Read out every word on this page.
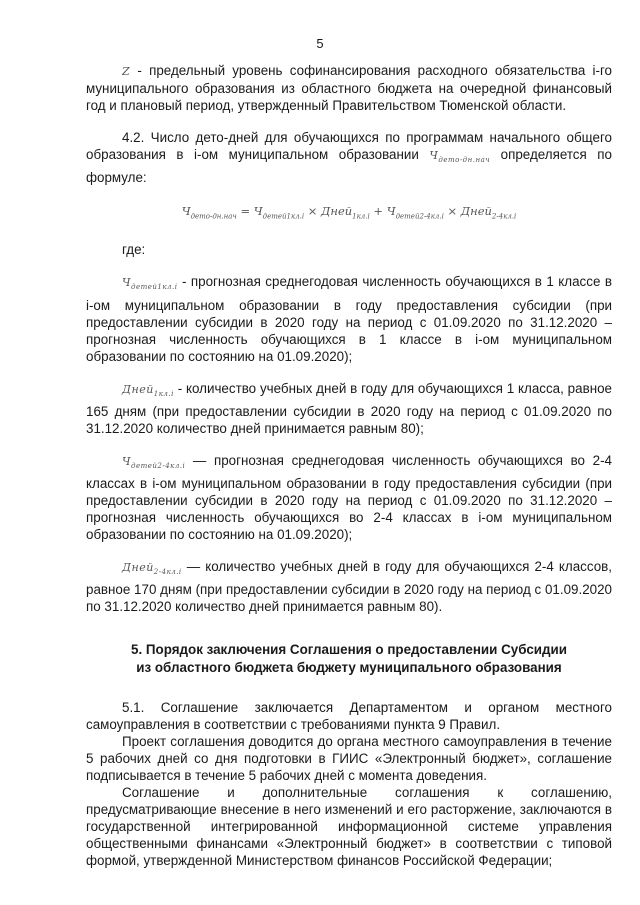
5

Z - предельный уровень софинансирования расходного обязательства i-го муниципального образования из областного бюджета на очередной финансовый год и плановый период, утвержденный Правительством Тюменской области.

4.2. Число дето-дней для обучающихся по программам начального общего образования в i-ом муниципальном образовании $Ч_{дето-дн.нач}$ определяется по формуле:

$Ч_{дето-дн.нач} = Ч_{детей1кл.i}$ × Дней$_{1кл.i}$ + $Ч_{детей2-4кл.i}$ × Дней$_{2-4кл.i}$

где:

$Ч_{детей1кл.i}$ - прогнозная среднегодовая численность обучающихся в 1 классе в i-ом муниципальном образовании в году предоставления субсидии (при предоставлении субсидии в 2020 году на период с 01.09.2020 по 31.12.2020 – прогнозная численность обучающихся в 1 классе в i-ом муниципальном образовании по состоянию на 01.09.2020);

Дней$_{1кл.i}$ - количество учебных дней в году для обучающихся 1 класса, равное 165 дням (при предоставлении субсидии в 2020 году на период с 01.09.2020 по 31.12.2020 количество дней принимается равным 80);

$Ч_{детей2-4кл.i}$ — прогнозная среднегодовая численность обучающихся во 2-4 классах в i-ом муниципальном образовании в году предоставления субсидии (при предоставлении субсидии в 2020 году на период с 01.09.2020 по 31.12.2020 – прогнозная численность обучающихся во 2-4 классах в i-ом муниципальном образовании по состоянию на 01.09.2020);

Дней$_{2-4кл.i}$ — количество учебных дней в году для обучающихся 2-4 классов, равное 170 дням (при предоставлении субсидии в 2020 году на период с 01.09.2020 по 31.12.2020 количество дней принимается равным 80).

5. Порядок заключения Соглашения о предоставлении Субсидии
из областного бюджета бюджету муниципального образования

5.1. Соглашение заключается Департаментом и органом местного самоуправления в соответствии с требованиями пункта 9 Правил.

Проект соглашения доводится до органа местного самоуправления в течение 5 рабочих дней со дня подготовки в ГИИС «Электронный бюджет», соглашение подписывается в течение 5 рабочих дней с момента доведения.

Соглашение и дополнительные соглашения к соглашению, предусматривающие внесение в него изменений и его расторжение, заключаются в государственной интегрированной информационной системе управления общественными финансами «Электронный бюджет» в соответствии с типовой формой, утвержденной Министерством финансов Российской Федерации;
